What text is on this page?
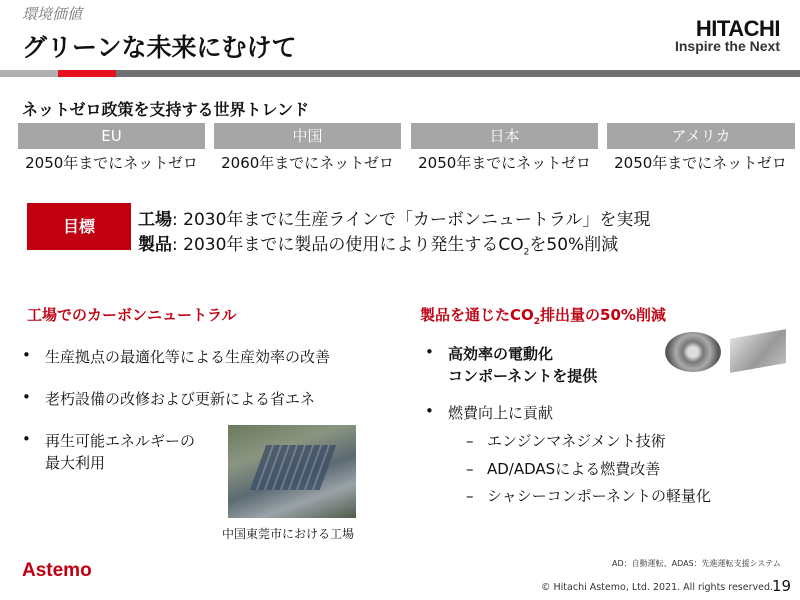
環境価値
グリーンな未来にむけて
HITACHI
Inspire the Next
ネットゼロ政策を支持する世界トレンド
EU	中国	日本	アメリカ
2050年までにネットゼロ	2060年までにネットゼロ	2050年までにネットゼロ	2050年までにネットゼロ
目標	工場: 2030年までに生産ラインで「カーボンニュートラル」を実現
製品: 2030年までに製品の使用により発生する$CO_2$を50%削減
工場でのカーボンニュートラル
• 生産拠点の最適化等による生産効率の改善
• 老朽設備の改修および更新による省エネ
• 再生可能エネルギーの
最大利用
中国東莞市における工場
製品を通じた$CO_2$排出量の50%削減
• 高効率の電動化
コンポーネントを提供
• 燃費向上に貢献
– エンジンマネジメント技術
– AD/ADASによる燃費改善
– シャシーコンポーネントの軽量化
Astemo	AD：自動運転、ADAS：先進運転支援システム
© Hitachi Astemo, Ltd. 2021. All rights reserved.
19
